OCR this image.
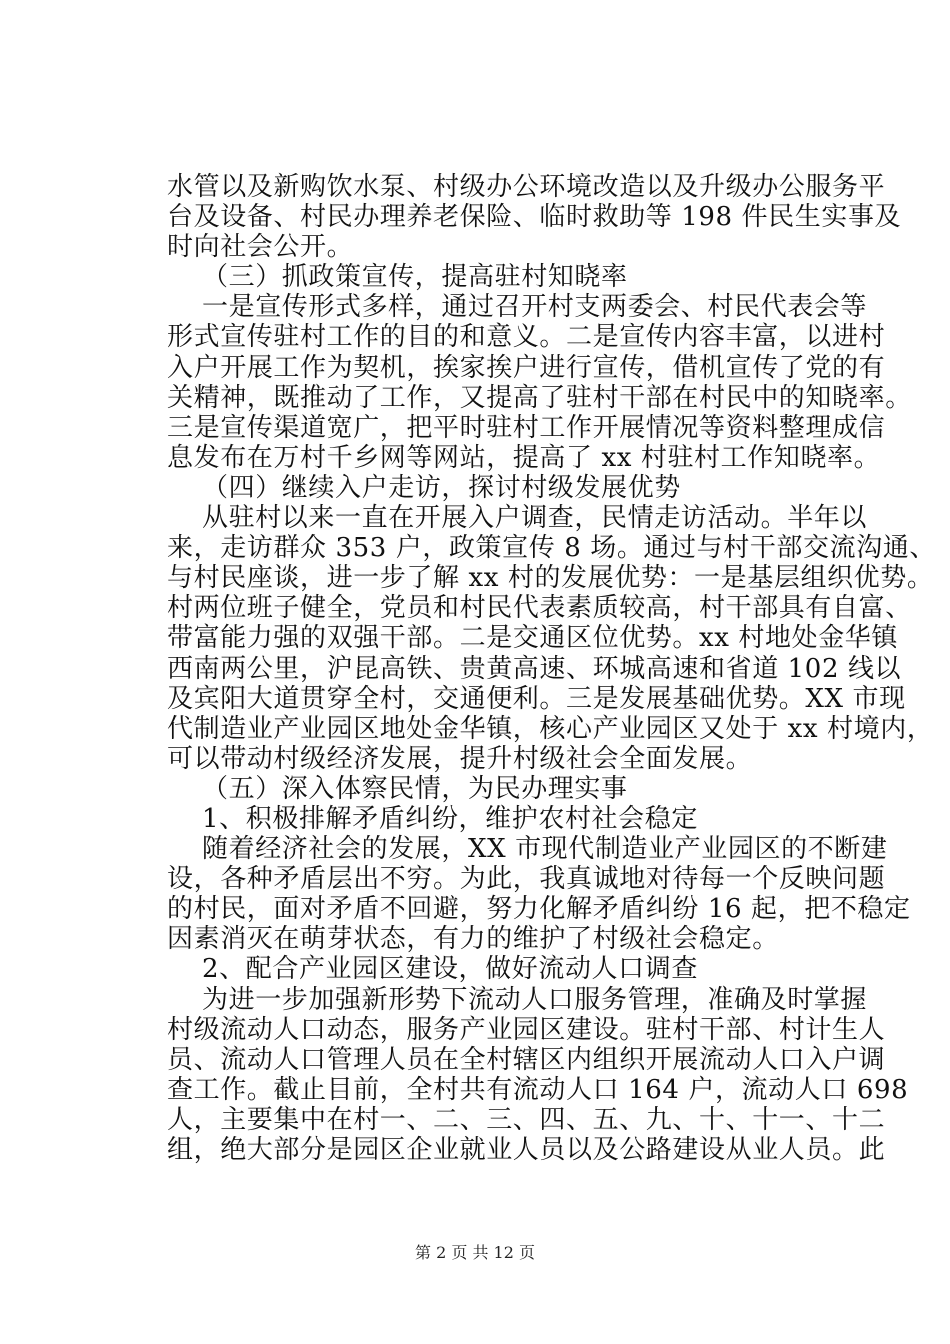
水管以及新购饮水泵、村级办公环境改造以及升级办公服务平
台及设备、村民办理养老保险、临时救助等 198 件民生实事及
时向社会公开。
（三）抓政策宣传，提高驻村知晓率
一是宣传形式多样，通过召开村支两委会、村民代表会等
形式宣传驻村工作的目的和意义。二是宣传内容丰富，以进村
入户开展工作为契机，挨家挨户进行宣传，借机宣传了党的有
关精神，既推动了工作，又提高了驻村干部在村民中的知晓率。
三是宣传渠道宽广，把平时驻村工作开展情况等资料整理成信
息发布在万村千乡网等网站，提高了 xx 村驻村工作知晓率。
（四）继续入户走访，探讨村级发展优势
从驻村以来一直在开展入户调查，民情走访活动。半年以
来，走访群众 353 户，政策宣传 8 场。通过与村干部交流沟通、
与村民座谈，进一步了解 xx 村的发展优势：一是基层组织优势。
村两位班子健全，党员和村民代表素质较高，村干部具有自富、
带富能力强的双强干部。二是交通区位优势。xx 村地处金华镇
西南两公里，沪昆高铁、贵黄高速、环城高速和省道 102 线以
及宾阳大道贯穿全村，交通便利。三是发展基础优势。XX 市现
代制造业产业园区地处金华镇，核心产业园区又处于 xx 村境内，
可以带动村级经济发展，提升村级社会全面发展。
（五）深入体察民情，为民办理实事
1、积极排解矛盾纠纷，维护农村社会稳定
随着经济社会的发展，XX 市现代制造业产业园区的不断建
设，各种矛盾层出不穷。为此，我真诚地对待每一个反映问题
的村民，面对矛盾不回避，努力化解矛盾纠纷 16 起，把不稳定
因素消灭在萌芽状态，有力的维护了村级社会稳定。
2、配合产业园区建设，做好流动人口调查
为进一步加强新形势下流动人口服务管理，准确及时掌握
村级流动人口动态，服务产业园区建设。驻村干部、村计生人
员、流动人口管理人员在全村辖区内组织开展流动人口入户调
查工作。截止目前，全村共有流动人口 164 户，流动人口 698
人，主要集中在村一、二、三、四、五、九、十、十一、十二
组，绝大部分是园区企业就业人员以及公路建设从业人员。此
第 2 页 共 12 页
